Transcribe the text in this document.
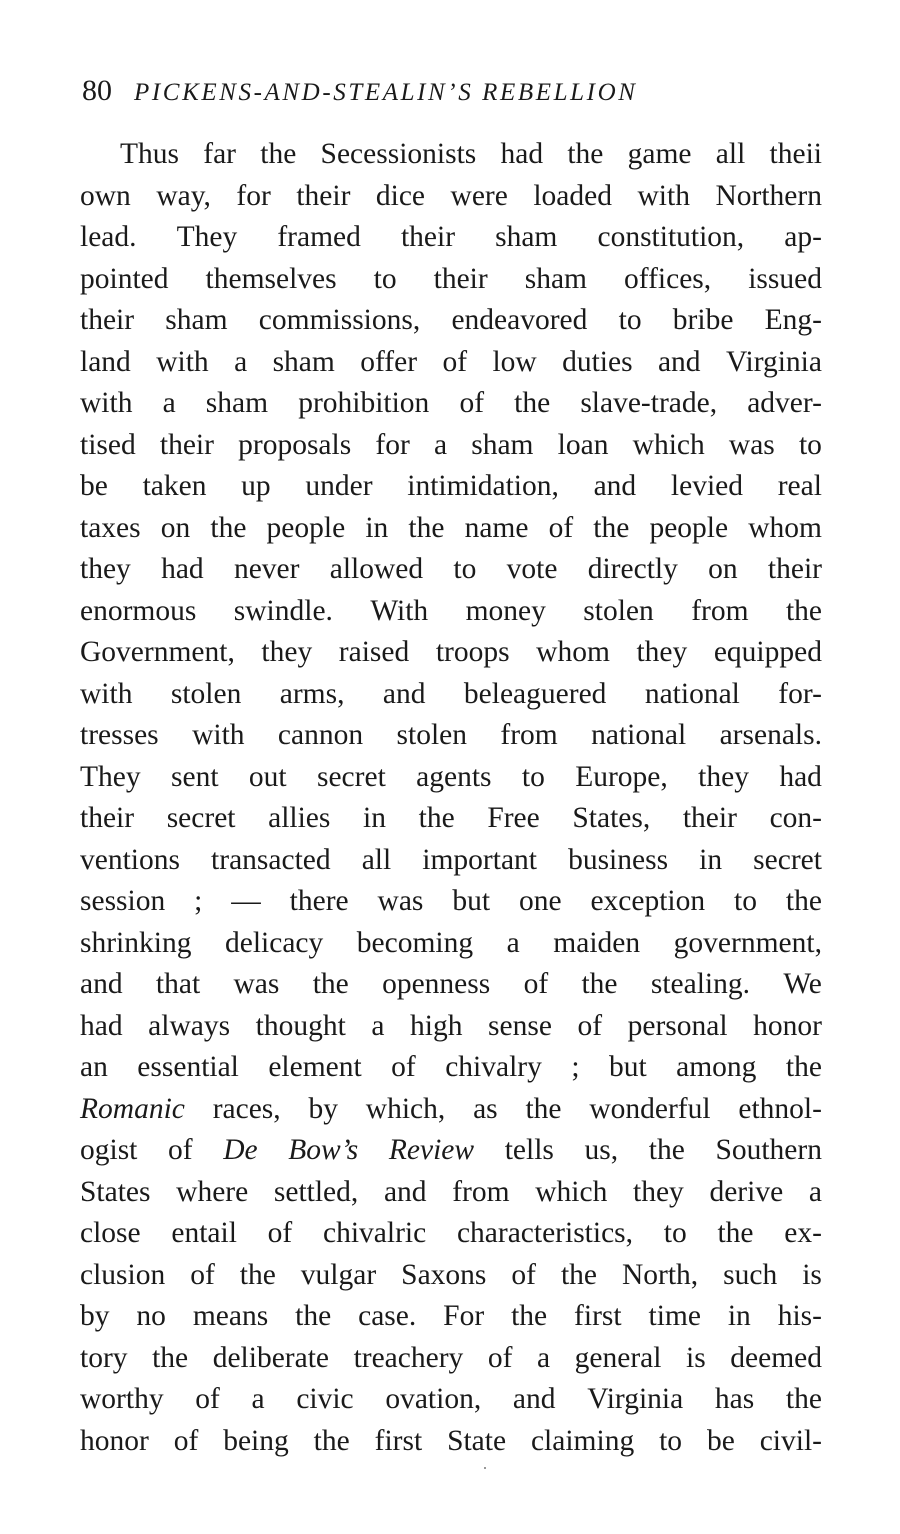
80 PICKENS-AND-STEALIN’S REBELLION
Thus far the Secessionists had the game all theii
own way, for their dice were loaded with Northern
lead. They framed their sham constitution, ap-
pointed themselves to their sham offices, issued
their sham commissions, endeavored to bribe Eng-
land with a sham offer of low duties and Virginia
with a sham prohibition of the slave-trade, adver-
tised their proposals for a sham loan which was to
be taken up under intimidation, and levied real
taxes on the people in the name of the people whom
they had never allowed to vote directly on their
enormous swindle. With money stolen from the
Government, they raised troops whom they equipped
with stolen arms, and beleaguered national for-
tresses with cannon stolen from national arsenals.
They sent out secret agents to Europe, they had
their secret allies in the Free States, their con-
ventions transacted all important business in secret
session ; — there was but one exception to the
shrinking delicacy becoming a maiden government,
and that was the openness of the stealing. We
had always thought a high sense of personal honor
an essential element of chivalry ; but among the
Romanic races, by which, as the wonderful ethnol-
ogist of De Bow’s Review tells us, the Southern
States where settled, and from which they derive a
close entail of chivalric characteristics, to the ex-
clusion of the vulgar Saxons of the North, such is
by no means the case. For the first time in his-
tory the deliberate treachery of a general is deemed
worthy of a civic ovation, and Virginia has the
honor of being the first State claiming to be civil-
